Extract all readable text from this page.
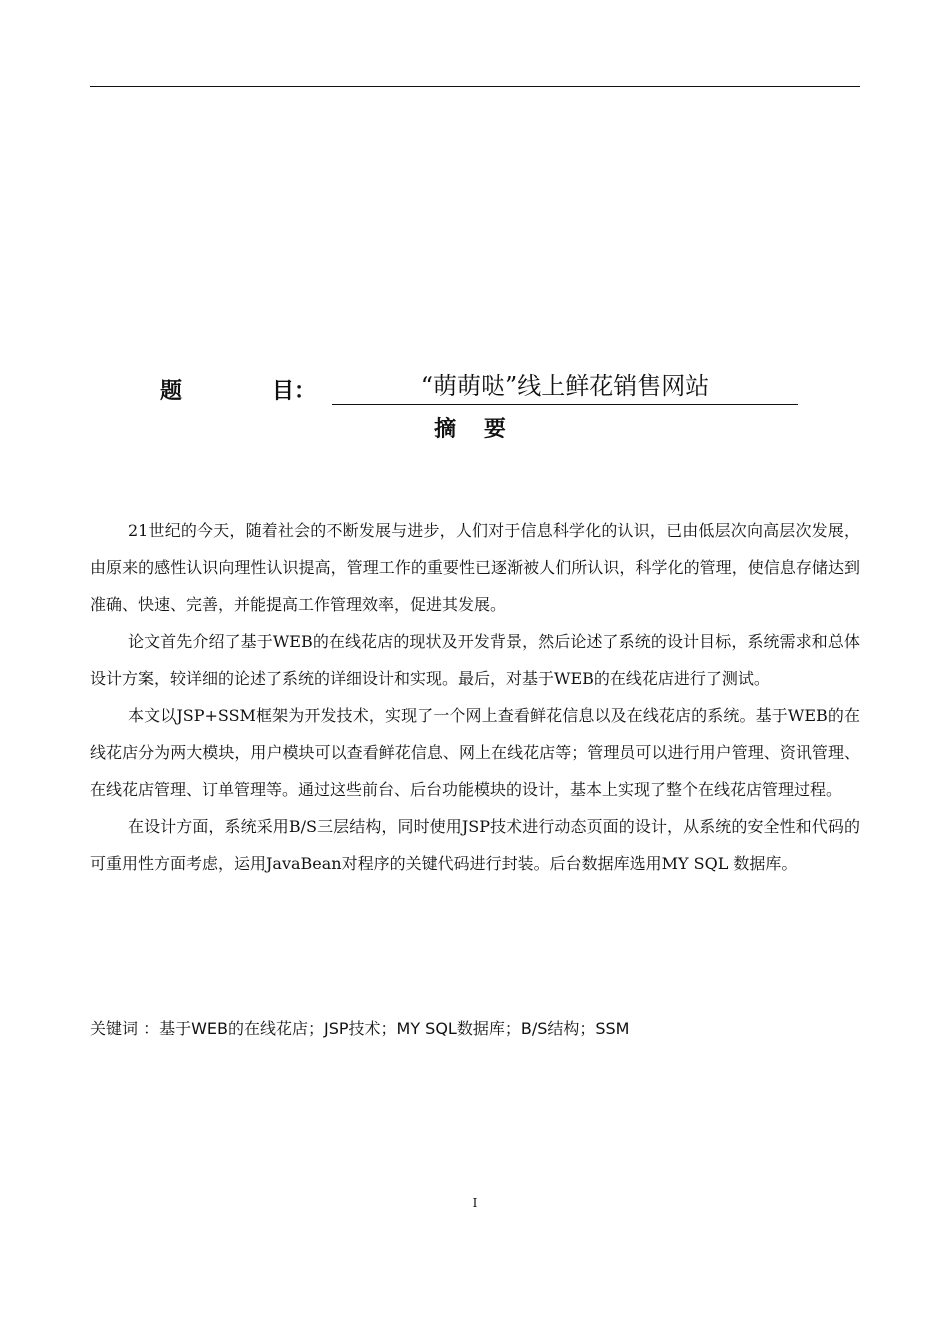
题	目：	“萌萌哒”线上鲜花销售网站
摘 要

21世纪的今天，随着社会的不断发展与进步，人们对于信息科学化的认识，已由低层次向高层次发展，由原来的感性认识向理性认识提高，管理工作的重要性已逐渐被人们所认识，科学化的管理，使信息存储达到准确、快速、完善，并能提高工作管理效率，促进其发展。

论文首先介绍了基于WEB的在线花店的现状及开发背景，然后论述了系统的设计目标，系统需求和总体设计方案，较详细的论述了系统的详细设计和实现。最后，对基于WEB的在线花店进行了测试。

本文以JSP+SSM框架为开发技术，实现了一个网上查看鲜花信息以及在线花店的系统。基于WEB的在线花店分为两大模块，用户模块可以查看鲜花信息、网上在线花店等；管理员可以进行用户管理、资讯管理、在线花店管理、订单管理等。通过这些前台、后台功能模块的设计，基本上实现了整个在线花店管理过程。

在设计方面，系统采用B/S三层结构，同时使用JSP技术进行动态页面的设计，从系统的安全性和代码的可重用性方面考虑，运用JavaBean对程序的关键代码进行封装。后台数据库选用MY SQL 数据库。

关键词 ：基于WEB的在线花店；JSP技术；MY SQL数据库；B/S结构；SSM
I
